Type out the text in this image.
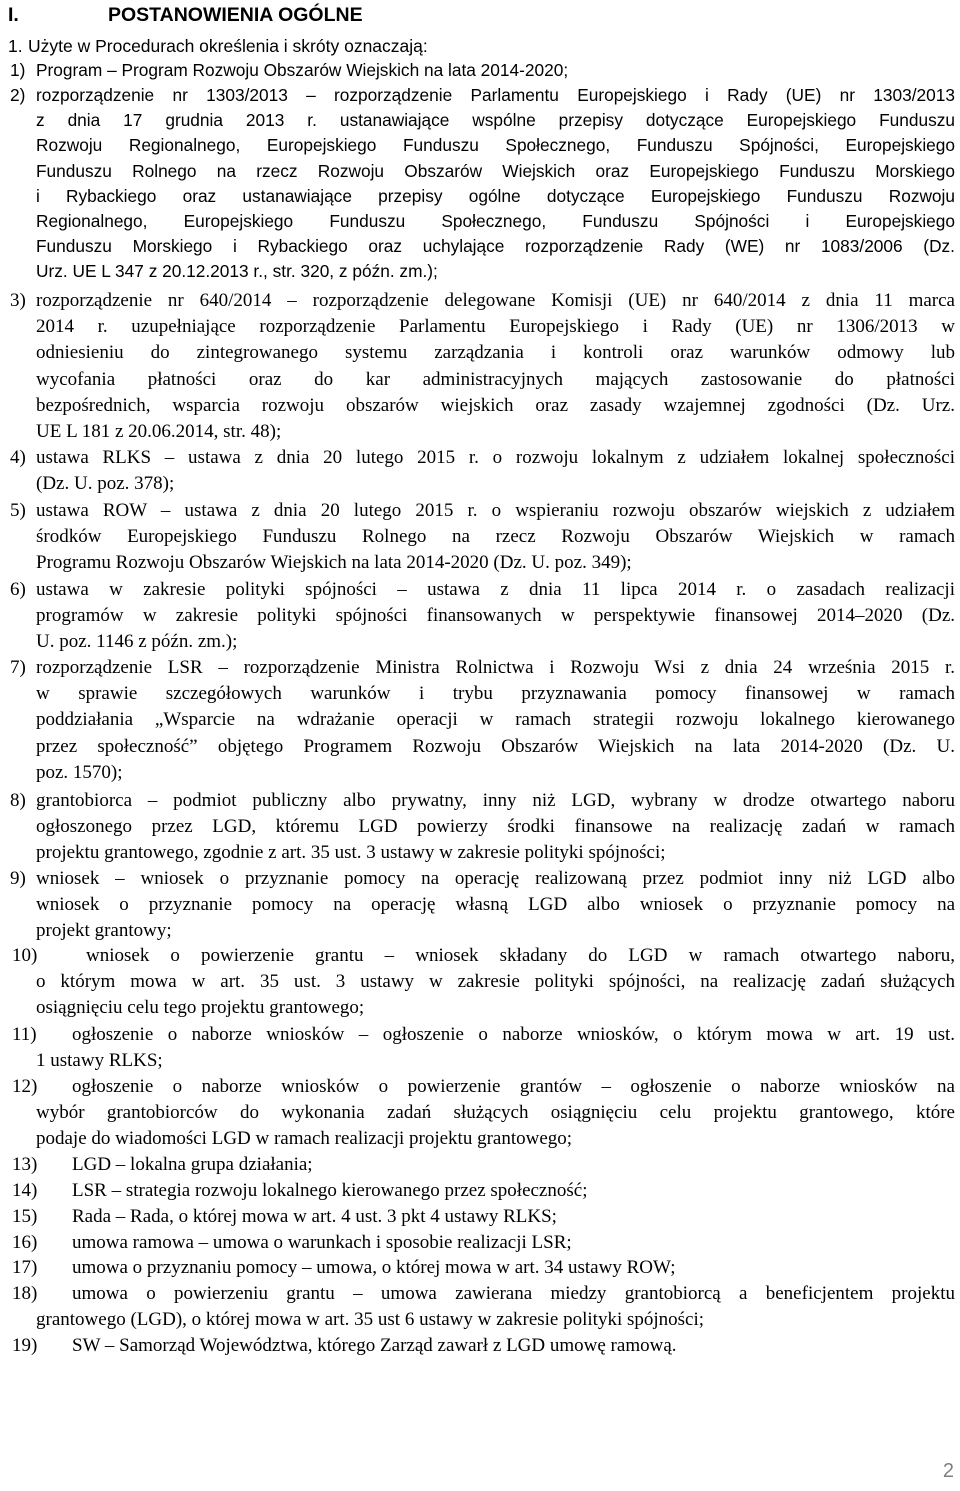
I.	POSTANOWIENIA OGÓLNE
1. Użyte w Procedurach określenia i skróty oznaczają:
1) Program – Program Rozwoju Obszarów Wiejskich na lata 2014-2020;
2) rozporządzenie nr 1303/2013 – rozporządzenie Parlamentu Europejskiego i Rady (UE) nr 1303/2013
z dnia 17 grudnia 2013 r. ustanawiające wspólne przepisy dotyczące Europejskiego Funduszu
Rozwoju Regionalnego, Europejskiego Funduszu Społecznego, Funduszu Spójności, Europejskiego
Funduszu Rolnego na rzecz Rozwoju Obszarów Wiejskich oraz Europejskiego Funduszu Morskiego
i Rybackiego oraz ustanawiające przepisy ogólne dotyczące Europejskiego Funduszu Rozwoju
Regionalnego, Europejskiego Funduszu Społecznego, Funduszu Spójności i Europejskiego
Funduszu Morskiego i Rybackiego oraz uchylające rozporządzenie Rady (WE) nr 1083/2006 (Dz.
Urz. UE L 347 z 20.12.2013 r., str. 320, z późn. zm.);
3) rozporządzenie nr 640/2014 – rozporządzenie delegowane Komisji (UE) nr 640/2014 z dnia 11 marca
2014 r. uzupełniające rozporządzenie Parlamentu Europejskiego i Rady (UE) nr 1306/2013 w
odniesieniu do zintegrowanego systemu zarządzania i kontroli oraz warunków odmowy lub
wycofania płatności oraz do kar administracyjnych mających zastosowanie do płatności
bezpośrednich, wsparcia rozwoju obszarów wiejskich oraz zasady wzajemnej zgodności (Dz. Urz.
UE L 181 z 20.06.2014, str. 48);
4) ustawa RLKS – ustawa z dnia 20 lutego 2015 r. o rozwoju lokalnym z udziałem lokalnej społeczności
(Dz. U. poz. 378);
5) ustawa ROW – ustawa z dnia 20 lutego 2015 r. o wspieraniu rozwoju obszarów wiejskich z udziałem
środków Europejskiego Funduszu Rolnego na rzecz Rozwoju Obszarów Wiejskich w ramach
Programu Rozwoju Obszarów Wiejskich na lata 2014-2020 (Dz. U. poz. 349);
6) ustawa w zakresie polityki spójności – ustawa z dnia 11 lipca 2014 r. o zasadach realizacji
programów w zakresie polityki spójności finansowanych w perspektywie finansowej 2014–2020 (Dz.
U. poz. 1146 z późn. zm.);
7) rozporządzenie LSR – rozporządzenie Ministra Rolnictwa i Rozwoju Wsi z dnia 24 września 2015 r.
w sprawie szczegółowych warunków i trybu przyznawania pomocy finansowej w ramach
poddziałania „Wsparcie na wdrażanie operacji w ramach strategii rozwoju lokalnego kierowanego
przez społeczność” objętego Programem Rozwoju Obszarów Wiejskich na lata 2014-2020 (Dz. U.
poz. 1570);
8) grantobiorca – podmiot publiczny albo prywatny, inny niż LGD, wybrany w drodze otwartego naboru
ogłoszonego przez LGD, któremu LGD powierzy środki finansowe na realizację zadań w ramach
projektu grantowego, zgodnie z art. 35 ust. 3 ustawy w zakresie polityki spójności;
9) wniosek – wniosek o przyznanie pomocy na operację realizowaną przez podmiot inny niż LGD albo
wniosek o przyznanie pomocy na operację własną LGD albo wniosek o przyznanie pomocy na
projekt grantowy;
10)	wniosek o powierzenie grantu – wniosek składany do LGD w ramach otwartego naboru,
o którym mowa w art. 35 ust. 3 ustawy w zakresie polityki spójności, na realizację zadań służących
osiągnięciu celu tego projektu grantowego;
11) ogłoszenie o naborze wniosków – ogłoszenie o naborze wniosków, o którym mowa w art. 19 ust.
1 ustawy RLKS;
12) ogłoszenie o naborze wniosków o powierzenie grantów – ogłoszenie o naborze wniosków na
wybór grantobiorców do wykonania zadań służących osiągnięciu celu projektu grantowego, które
podaje do wiadomości LGD w ramach realizacji projektu grantowego;
13) LGD – lokalna grupa działania;
14) LSR – strategia rozwoju lokalnego kierowanego przez społeczność;
15) Rada – Rada, o której mowa w art. 4 ust. 3 pkt 4 ustawy RLKS;
16) umowa ramowa – umowa o warunkach i sposobie realizacji LSR;
17) umowa o przyznaniu pomocy – umowa, o której mowa w art. 34 ustawy ROW;
18) umowa o powierzeniu grantu – umowa zawierana miedzy grantobiorcą a beneficjentem projektu
grantowego (LGD), o której mowa w art. 35 ust 6 ustawy w zakresie polityki spójności;
19) SW – Samorząd Województwa, którego Zarząd zawarł z LGD umowę ramową.
2
